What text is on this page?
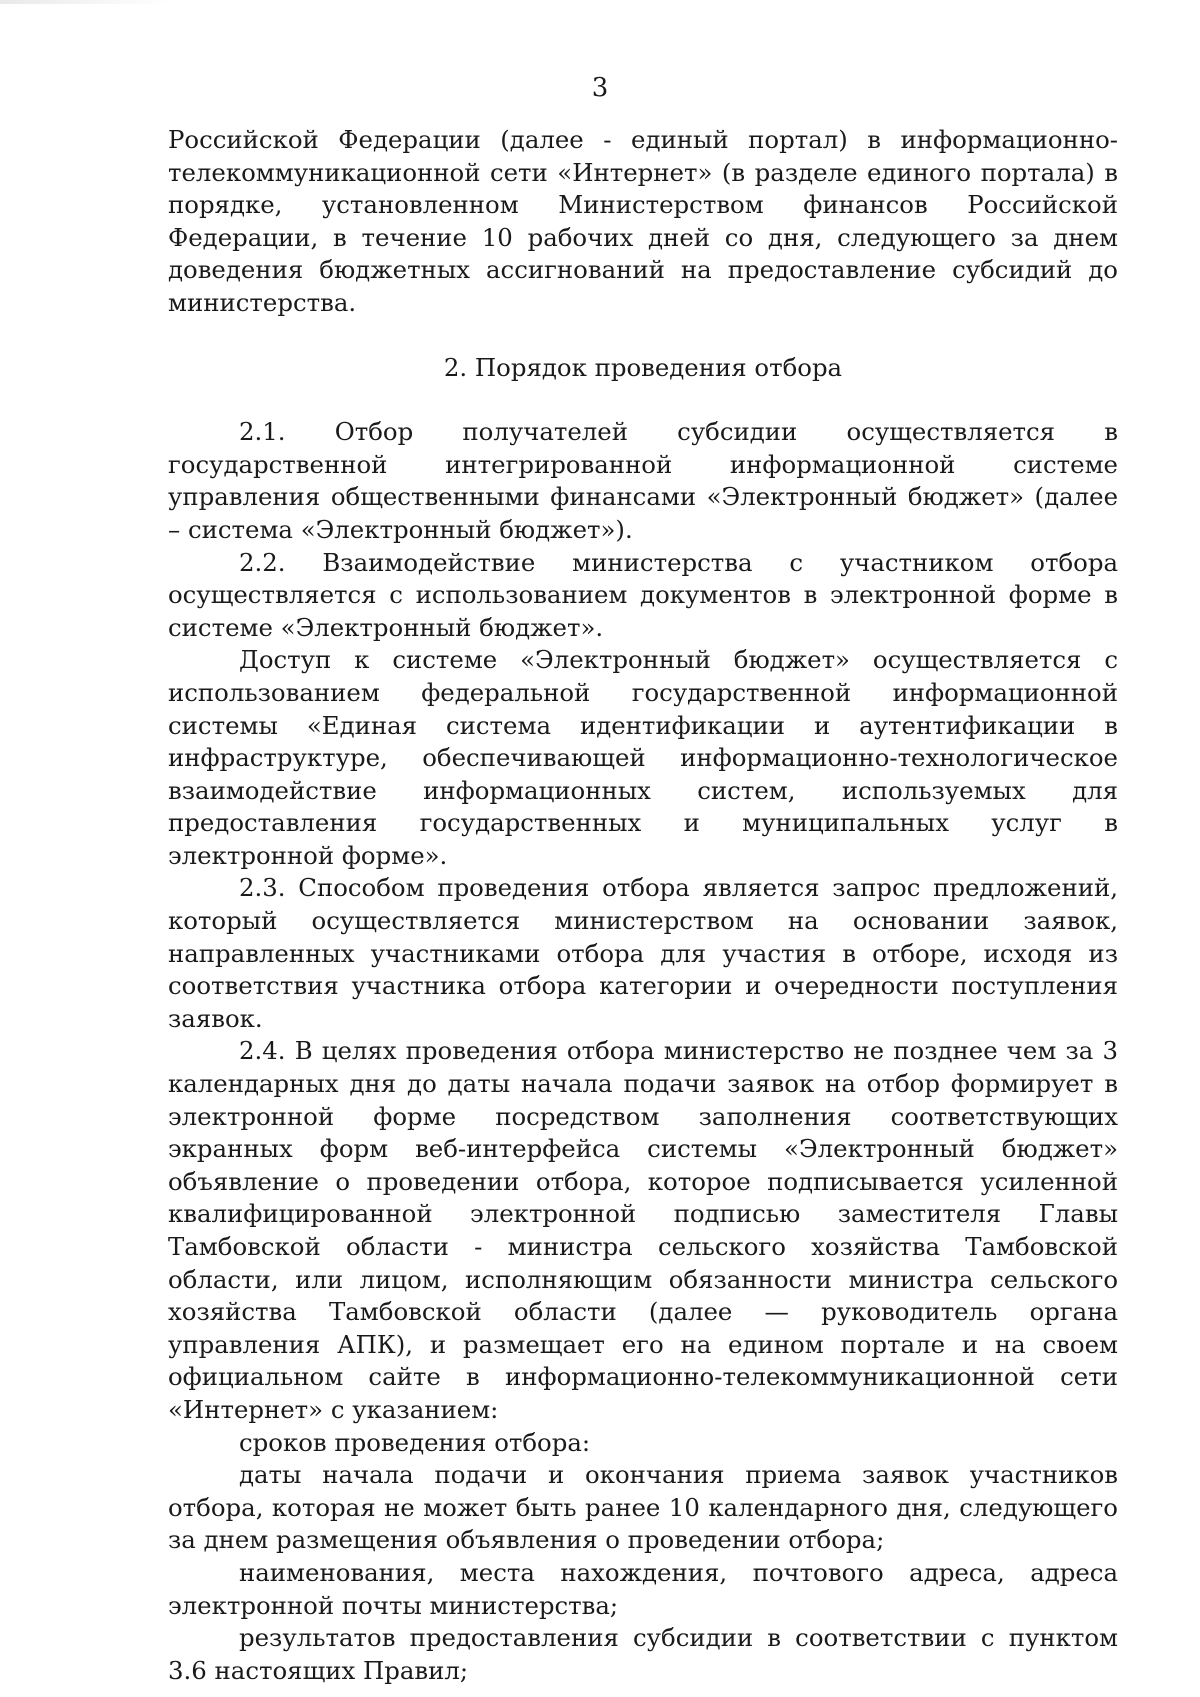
3

Российской Федерации (далее - единый портал) в информационно-телекоммуникационной сети «Интернет» (в разделе единого портала) в порядке, установленном Министерством финансов Российской Федерации, в течение 10 рабочих дней со дня, следующего за днем доведения бюджетных ассигнований на предоставление субсидий до министерства.

2. Порядок проведения отбора

2.1. Отбор получателей субсидии осуществляется в государственной интегрированной информационной системе управления общественными финансами «Электронный бюджет» (далее – система «Электронный бюджет»).

2.2. Взаимодействие министерства с участником отбора осуществляется с использованием документов в электронной форме в системе «Электронный бюджет».

Доступ к системе «Электронный бюджет» осуществляется с использованием федеральной государственной информационной системы «Единая система идентификации и аутентификации в инфраструктуре, обеспечивающей информационно-технологическое взаимодействие информационных систем, используемых для предоставления государственных и муниципальных услуг в электронной форме».

2.3. Способом проведения отбора является запрос предложений, который осуществляется министерством на основании заявок, направленных участниками отбора для участия в отборе, исходя из соответствия участника отбора категории и очередности поступления заявок.

2.4. В целях проведения отбора министерство не позднее чем за 3 календарных дня до даты начала подачи заявок на отбор формирует в электронной форме посредством заполнения соответствующих экранных форм веб-интерфейса системы «Электронный бюджет» объявление о проведении отбора, которое подписывается усиленной квалифицированной электронной подписью заместителя Главы Тамбовской области - министра сельского хозяйства Тамбовской области, или лицом, исполняющим обязанности министра сельского хозяйства Тамбовской области (далее — руководитель органа управления АПК), и размещает его на едином портале и на своем официальном сайте в информационно-телекоммуникационной сети «Интернет» с указанием:

сроков проведения отбора:

даты начала подачи и окончания приема заявок участников отбора, которая не может быть ранее 10 календарного дня, следующего за днем размещения объявления о проведении отбора;

наименования, места нахождения, почтового адреса, адреса электронной почты министерства;

результатов предоставления субсидии в соответствии с пунктом 3.6 настоящих Правил;
